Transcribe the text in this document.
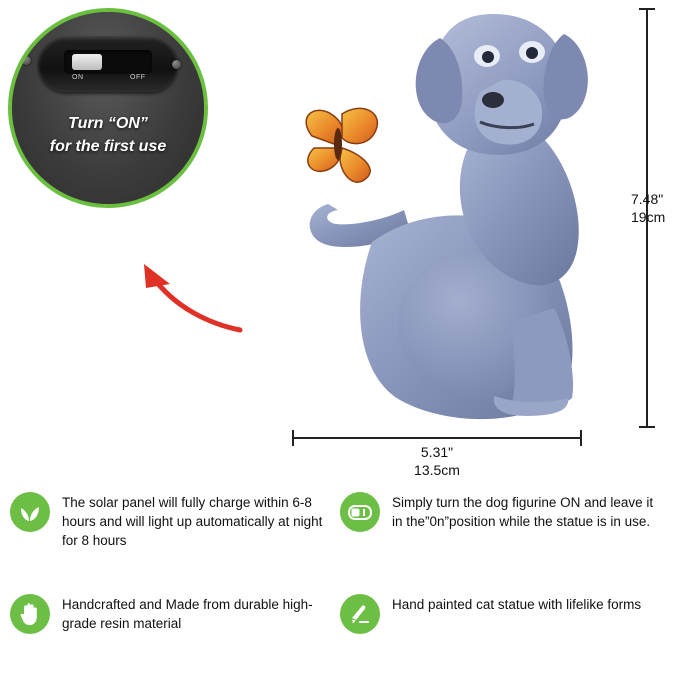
ON	OFF
Turn “ON”
for the first use
7.48"
19cm
5.31"
13.5cm
The solar panel will fully charge within 6-8 hours and will light up automatically at night for 8 hours
Simply turn the dog figurine ON and leave it in the”0n”position while the statue is in use.
Handcrafted and Made from durable high-grade resin material
Hand painted cat statue with lifelike forms
